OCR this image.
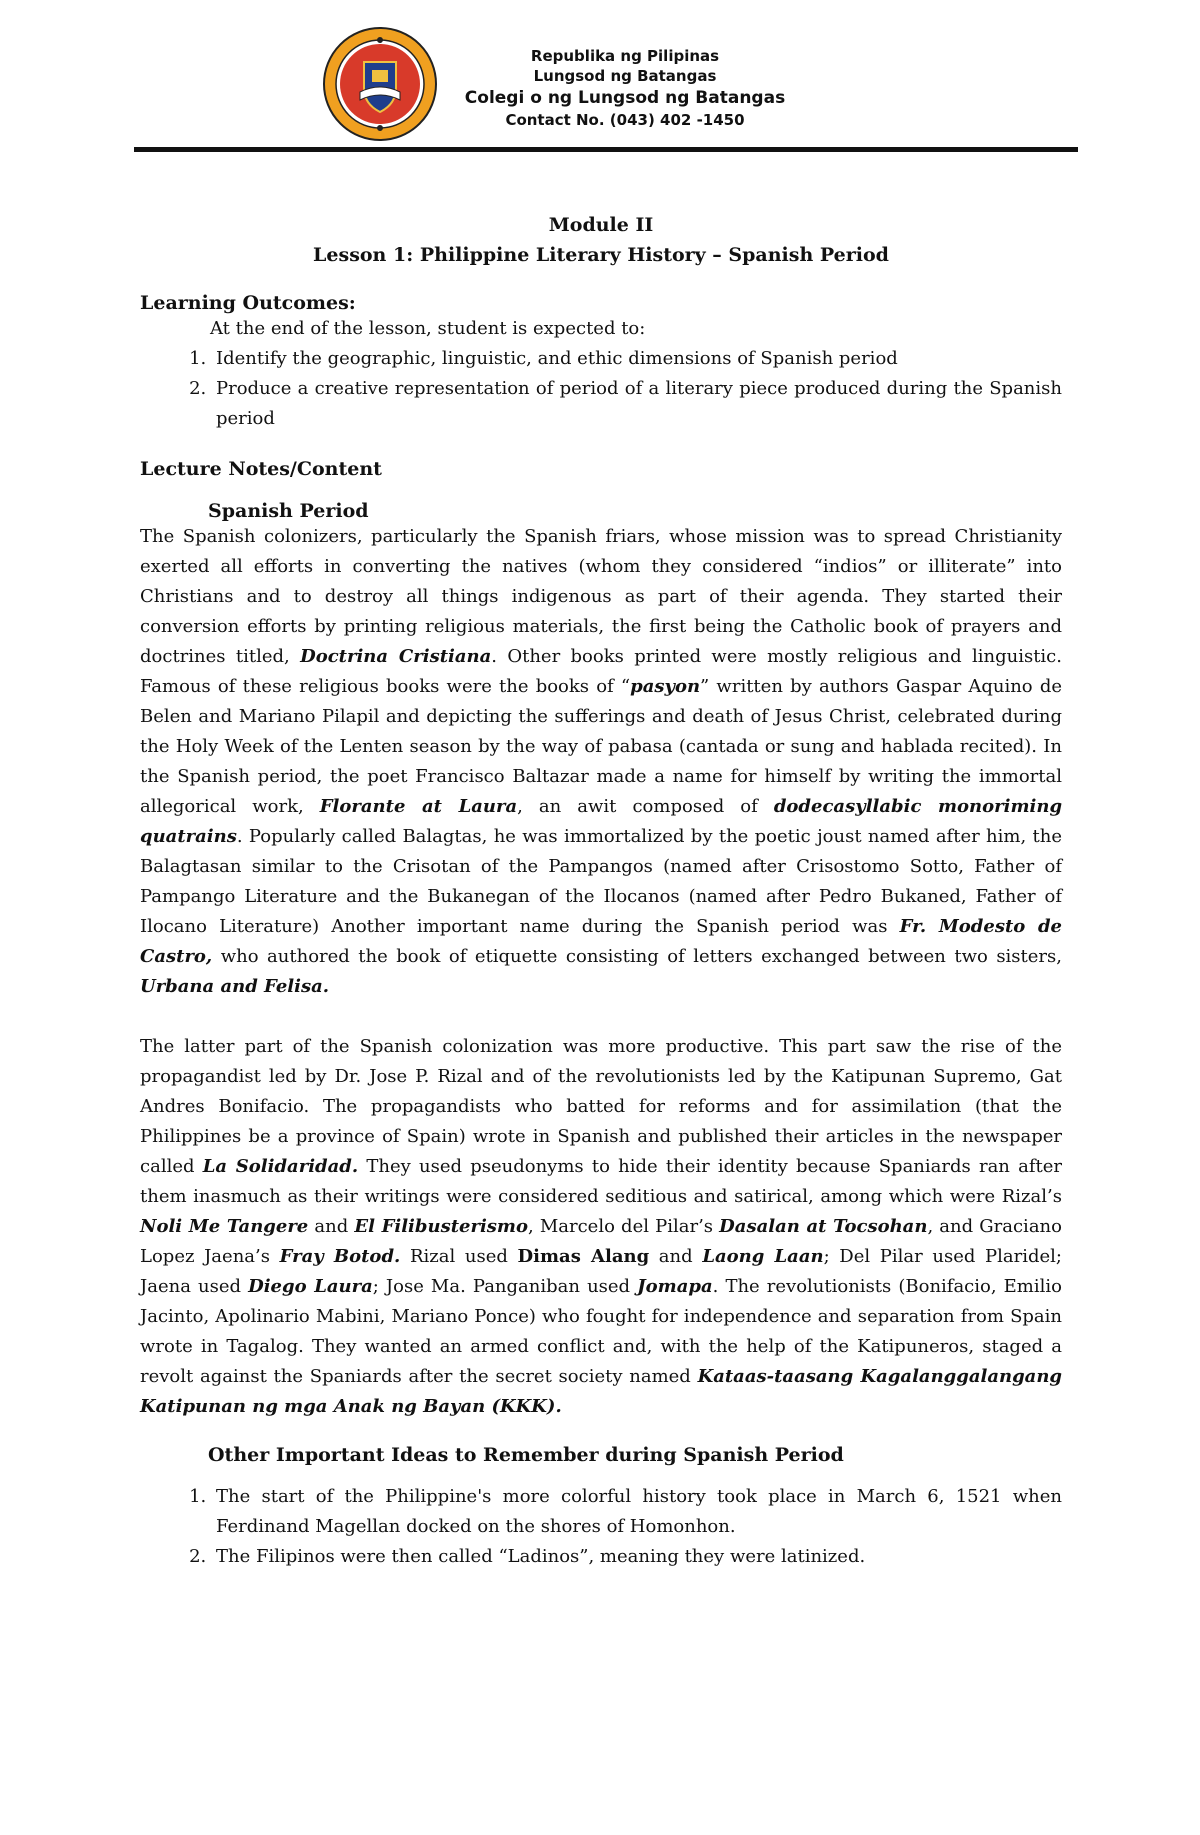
Republika ng Pilipinas
Lungsod ng Batangas
Colegi o ng Lungsod ng Batangas
Contact No. (043) 402 -1450
Module II
Lesson 1: Philippine Literary History – Spanish Period
Learning Outcomes:
At the end of the lesson, student is expected to:
1. Identify the geographic, linguistic, and ethic dimensions of Spanish period
2. Produce a creative representation of period of a literary piece produced during the Spanish period
Lecture Notes/Content
Spanish Period
The Spanish colonizers, particularly the Spanish friars, whose mission was to spread Christianity exerted all efforts in converting the natives (whom they considered “indios” or illiterate” into Christians and to destroy all things indigenous as part of their agenda. They started their conversion efforts by printing religious materials, the first being the Catholic book of prayers and doctrines titled, Doctrina Cristiana. Other books printed were mostly religious and linguistic. Famous of these religious books were the books of “pasyon” written by authors Gaspar Aquino de Belen and Mariano Pilapil and depicting the sufferings and death of Jesus Christ, celebrated during the Holy Week of the Lenten season by the way of pabasa (cantada or sung and hablada recited). In the Spanish period, the poet Francisco Baltazar made a name for himself by writing the immortal allegorical work, Florante at Laura, an awit composed of dodecasyllabic monoriming quatrains. Popularly called Balagtas, he was immortalized by the poetic joust named after him, the Balagtasan similar to the Crisotan of the Pampangos (named after Crisostomo Sotto, Father of Pampango Literature and the Bukanegan of the Ilocanos (named after Pedro Bukaned, Father of Ilocano Literature) Another important name during the Spanish period was Fr. Modesto de Castro, who authored the book of etiquette consisting of letters exchanged between two sisters, Urbana and Felisa.
The latter part of the Spanish colonization was more productive. This part saw the rise of the propagandist led by Dr. Jose P. Rizal and of the revolutionists led by the Katipunan Supremo, Gat Andres Bonifacio. The propagandists who batted for reforms and for assimilation (that the Philippines be a province of Spain) wrote in Spanish and published their articles in the newspaper called La Solidaridad. They used pseudonyms to hide their identity because Spaniards ran after them inasmuch as their writings were considered seditious and satirical, among which were Rizal’s Noli Me Tangere and El Filibusterismo, Marcelo del Pilar’s Dasalan at Tocsohan, and Graciano Lopez Jaena’s Fray Botod. Rizal used Dimas Alang and Laong Laan; Del Pilar used Plaridel; Jaena used Diego Laura; Jose Ma. Panganiban used Jomapa. The revolutionists (Bonifacio, Emilio Jacinto, Apolinario Mabini, Mariano Ponce) who fought for independence and separation from Spain wrote in Tagalog. They wanted an armed conflict and, with the help of the Katipuneros, staged a revolt against the Spaniards after the secret society named Kataas-taasang Kagalanggalangang Katipunan ng mga Anak ng Bayan (KKK).
Other Important Ideas to Remember during Spanish Period
1. The start of the Philippine's more colorful history took place in March 6, 1521 when Ferdinand Magellan docked on the shores of Homonhon.
2. The Filipinos were then called “Ladinos”, meaning they were latinized.
